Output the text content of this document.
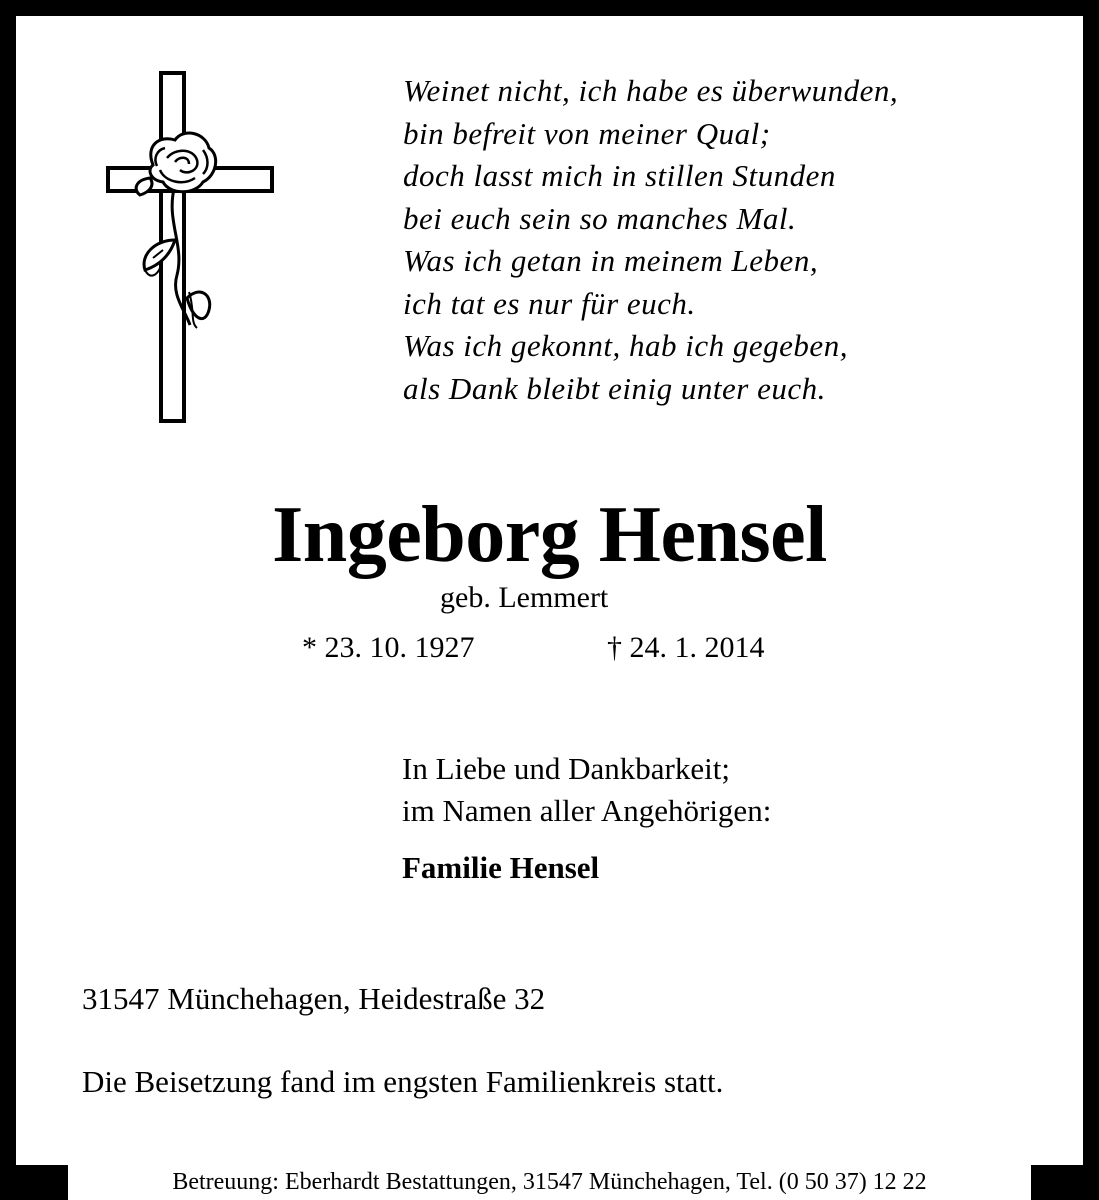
Weinet nicht, ich habe es überwunden,
bin befreit von meiner Qual;
doch lasst mich in stillen Stunden
bei euch sein so manches Mal.
Was ich getan in meinem Leben,
ich tat es nur für euch.
Was ich gekonnt, hab ich gegeben,
als Dank bleibt einig unter euch.
Ingeborg Hensel
geb. Lemmert
* 23. 10. 1927	† 24. 1. 2014
In Liebe und Dankbarkeit;
im Namen aller Angehörigen:
Familie Hensel
31547 Münchehagen, Heidestraße 32
Die Beisetzung fand im engsten Familienkreis statt.
Betreuung: Eberhardt Bestattungen, 31547 Münchehagen, Tel. (0 50 37) 12 22
